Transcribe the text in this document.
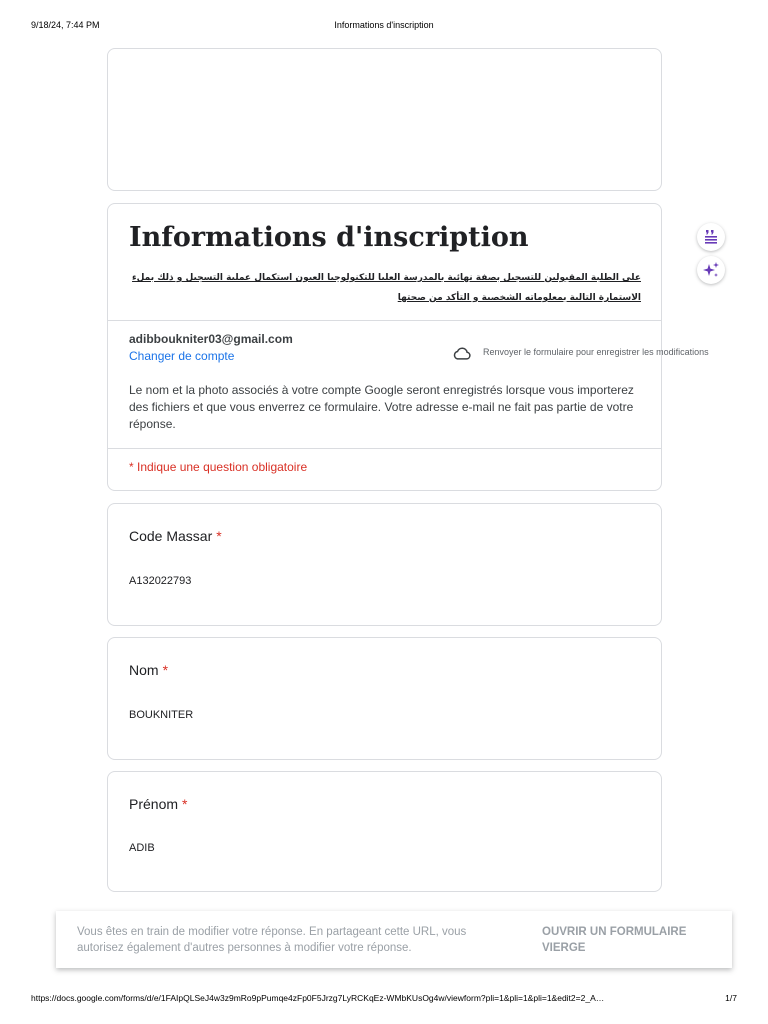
9/18/24, 7:44 PM	Informations d'inscription
Informations d'inscription
على الطلبة المقبولين للتسجيل بصفة نهائية بالمدرسة العليا للتكنولوجيا العيون استكمال عملية التسجيل و ذلك بملء الاستمارة التالية بمعلوماته الشخصية و التأكد من صحتها
adibboukniter03@gmail.com
Changer de compte
Le nom et la photo associés à votre compte Google seront enregistrés lorsque vous importerez des fichiers et que vous enverrez ce formulaire. Votre adresse e-mail ne fait pas partie de votre réponse.
* Indique une question obligatoire
Renvoyer le formulaire pour enregistrer les modifications
Code Massar *
A132022793
Nom *
BOUKNITER
Prénom *
ADIB
Vous êtes en train de modifier votre réponse. En partageant cette URL, vous autorisez également d'autres personnes à modifier votre réponse.
OUVRIR UN FORMULAIRE VIERGE
https://docs.google.com/forms/d/e/1FAIpQLSeJ4w3z9mRo9pPumqe4zFp0F5Jrzg7LyRCKqEz-WMbKUsOg4w/viewform?pli=1&pli=1&pli=1&edit2=2_A…	1/7
